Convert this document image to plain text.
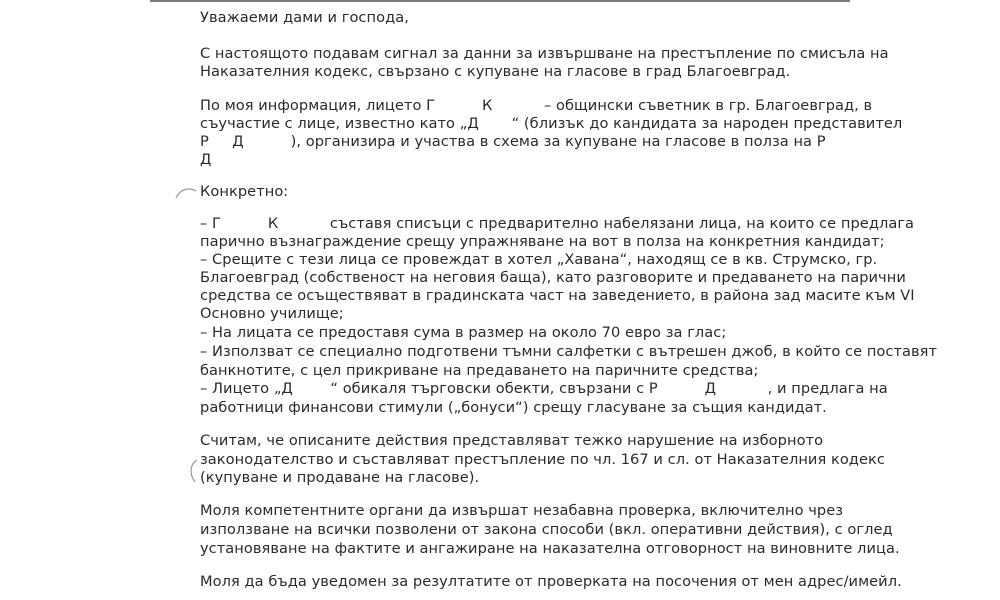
Уважаеми дами и господа,

С настоящото подавам сигнал за данни за извършване на престъпление по смисъла на

Наказателния кодекс, свързано с купуване на гласове в град Благоевград.

По моя информация, лицето Г          К           – общински съветник в гр. Благоевград, в

съучастие с лице, известно като „Д       “ (близък до кандидата за народен представител

Р     Д          ), организира и участва в схема за купуване на гласове в полза на Р

Д

Конкретно:

– Г          К           съставя списъци с предварително набелязани лица, на които се предлага

парично възнаграждение срещу упражняване на вот в полза на конкретния кандидат;

– Срещите с тези лица се провеждат в хотел „Хавана“, находящ се в кв. Струмско, гр.

Благоевград (собственост на неговия баща), като разговорите и предаването на парични

средства се осъществяват в градинската част на заведението, в района зад масите към VI

Основно училище;

– На лицата се предоставя сума в размер на около 70 евро за глас;

– Използват се специално подготвени тъмни салфетки с вътрешен джоб, в който се поставят

банкнотите, с цел прикриване на предаването на паричните средства;

– Лицето „Д        “ обикаля търговски обекти, свързани с Р          Д           , и предлага на

работници финансови стимули („бонуси“) срещу гласуване за същия кандидат.

Считам, че описаните действия представляват тежко нарушение на изборното

законодателство и съставляват престъпление по чл. 167 и сл. от Наказателния кодекс

(купуване и продаване на гласове).

Моля компетентните органи да извършат незабавна проверка, включително чрез

използване на всички позволени от закона способи (вкл. оперативни действия), с оглед

установяване на фактите и ангажиране на наказателна отговорност на виновните лица.

Моля да бъда уведомен за резултатите от проверката на посочения от мен адрес/имейл.
